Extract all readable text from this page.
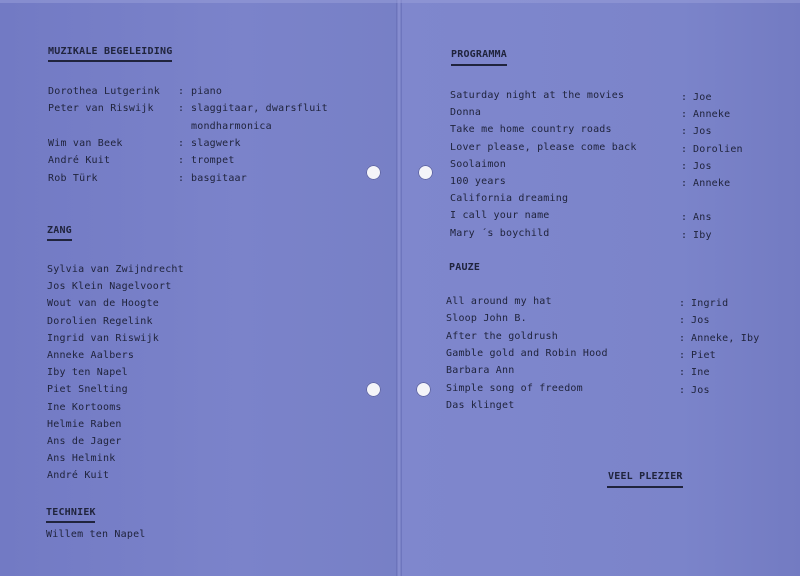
MUZIKALE BEGELEIDING
Dorothea Lutgerink : piano
Peter van Riswijk : slaggitaar, dwarsfluit
mondharmonica
Wim van Beek	: slagwerk
André Kuit	: trompet
Rob Türk	: basgitaar
ZANG
Sylvia van Zwijndrecht
Jos Klein Nagelvoort
Wout van de Hoogte
Dorolien Regelink
Ingrid van Riswijk
Anneke Aalbers
Iby ten Napel
Piet Snelting
Ine Kortooms
Helmie Raben
Ans de Jager
Ans Helmink
André Kuit
TECHNIEK
Willem ten Napel
PROGRAMMA
Saturday night at the movies	: Joe
Donna	: Anneke
Take me home country roads	: Jos
Lover please, please come back	: Dorolien
Soolaimon	: Jos
100 years	: Anneke
California dreaming
I call your name	: Ans
Mary ´s boychild	: Iby
PAUZE
All around my hat	: Ingrid
Sloop John B.	: Jos
After the goldrush	: Anneke, Iby
Gamble gold and Robin Hood	: Piet
Barbara Ann	: Ine
Simple song of freedom	: Jos
Das klinget
VEEL PLEZIER
